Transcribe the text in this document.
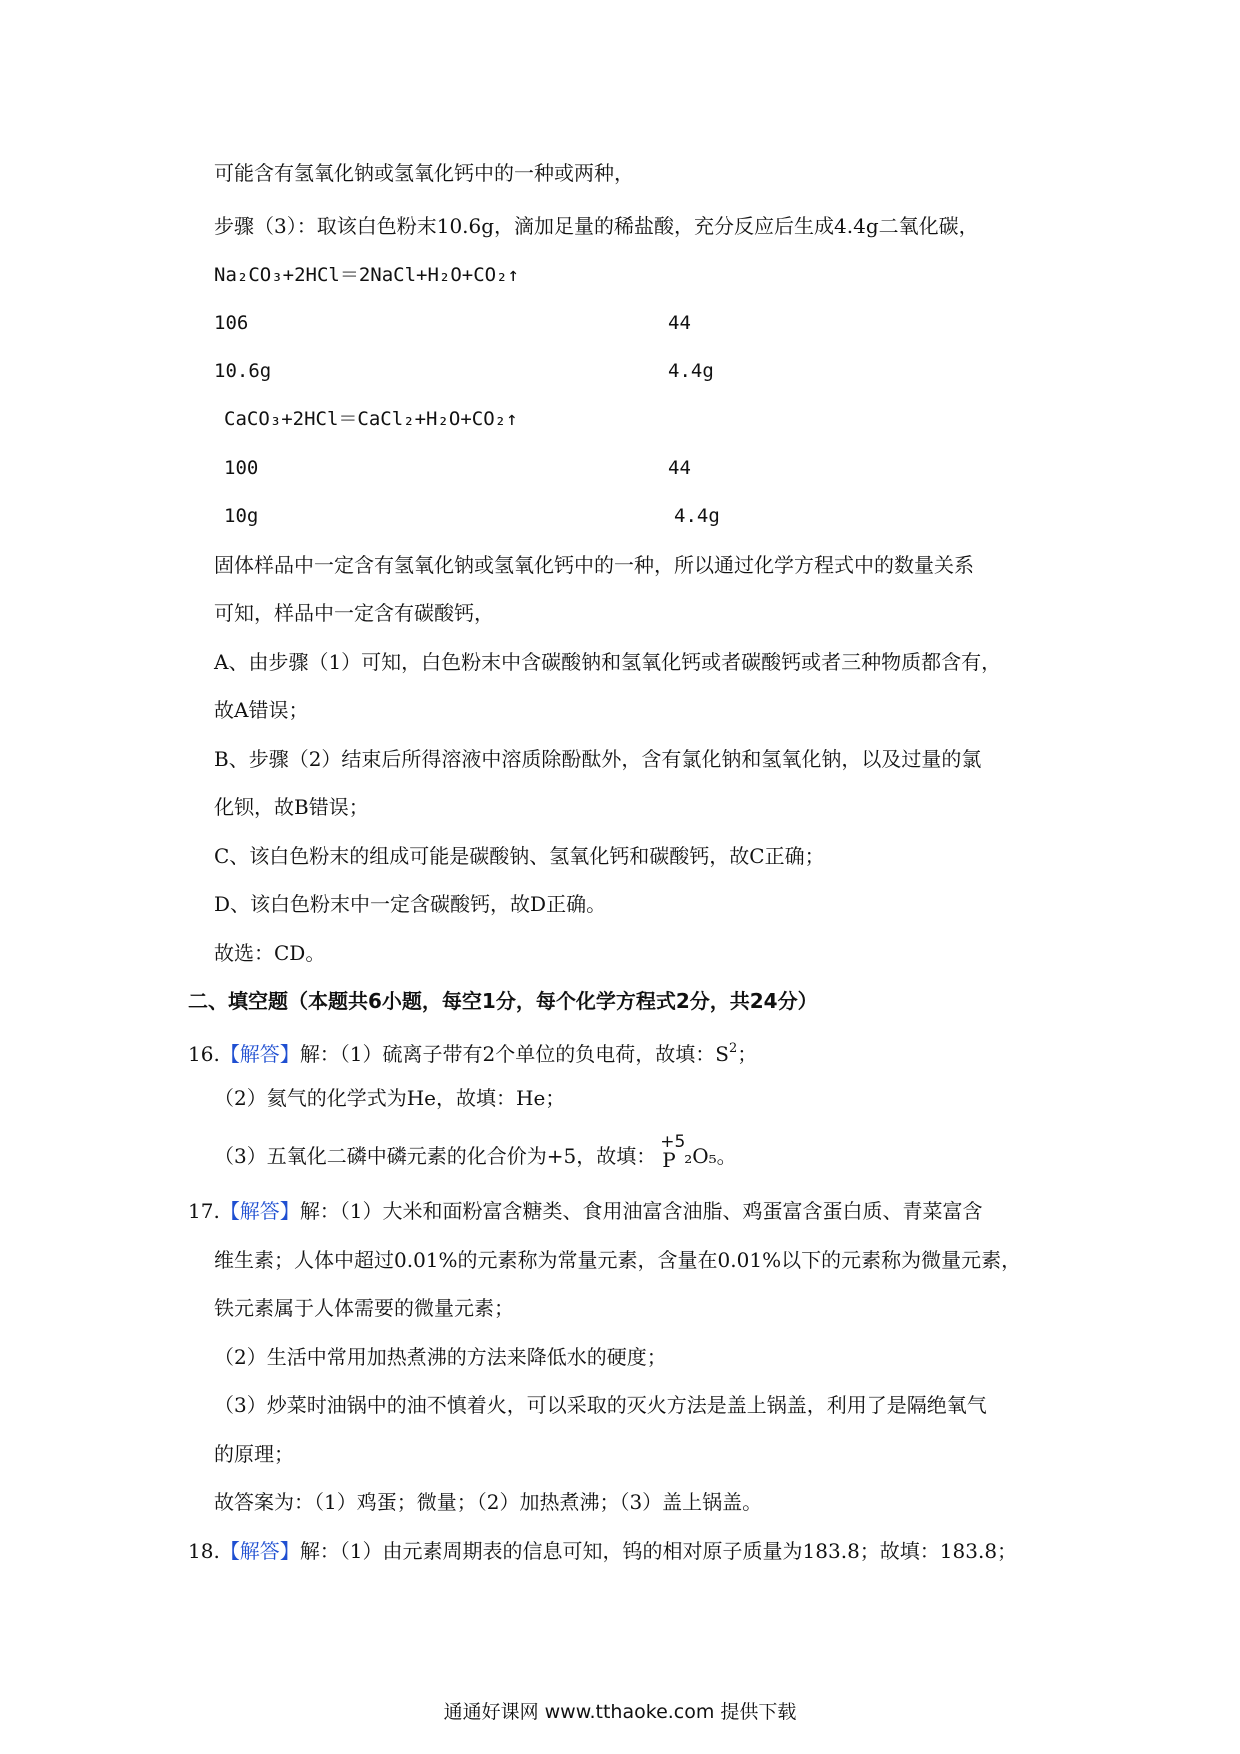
可能含有氢氧化钠或氢氧化钙中的一种或两种，
步骤（3）：取该白色粉末10.6g，滴加足量的稀盐酸，充分反应后生成4.4g二氧化碳，
Na₂CO₃+2HCl＝2NaCl+H₂O+CO₂↑
106	44
10.6g	4.4g
CaCO₃+2HCl＝CaCl₂+H₂O+CO₂↑
100	44
10g	4.4g
固体样品中一定含有氢氧化钠或氢氧化钙中的一种，所以通过化学方程式中的数量关系
可知，样品中一定含有碳酸钙，
A、由步骤（1）可知，白色粉末中含碳酸钠和氢氧化钙或者碳酸钙或者三种物质都含有，
故A错误；
B、步骤（2）结束后所得溶液中溶质除酚酞外，含有氯化钠和氢氧化钠，以及过量的氯
化钡，故B错误；
C、该白色粉末的组成可能是碳酸钠、氢氧化钙和碳酸钙，故C正确；
D、该白色粉末中一定含碳酸钙，故D正确。
故选：CD。
二、填空题（本题共6小题，每空1分，每个化学方程式2分，共24分）
16.【解答】解：（1）硫离子带有2个单位的负电荷，故填：$S^2$；
（2）氦气的化学式为He，故填：He；
（3）五氧化二磷中磷元素的化合价为+5，故填：
+5
P ₂O₅。
17.【解答】解：（1）大米和面粉富含糖类、食用油富含油脂、鸡蛋富含蛋白质、青菜富含
维生素；人体中超过0.01%的元素称为常量元素，含量在0.01%以下的元素称为微量元素，
铁元素属于人体需要的微量元素；
（2）生活中常用加热煮沸的方法来降低水的硬度；
（3）炒菜时油锅中的油不慎着火，可以采取的灭火方法是盖上锅盖，利用了是隔绝氧气
的原理；
故答案为：（1）鸡蛋；微量；（2）加热煮沸；（3）盖上锅盖。
18.【解答】解：（1）由元素周期表的信息可知，钨的相对原子质量为183.8；故填：183.8；
通通好课网 www.tthaoke.com 提供下载
